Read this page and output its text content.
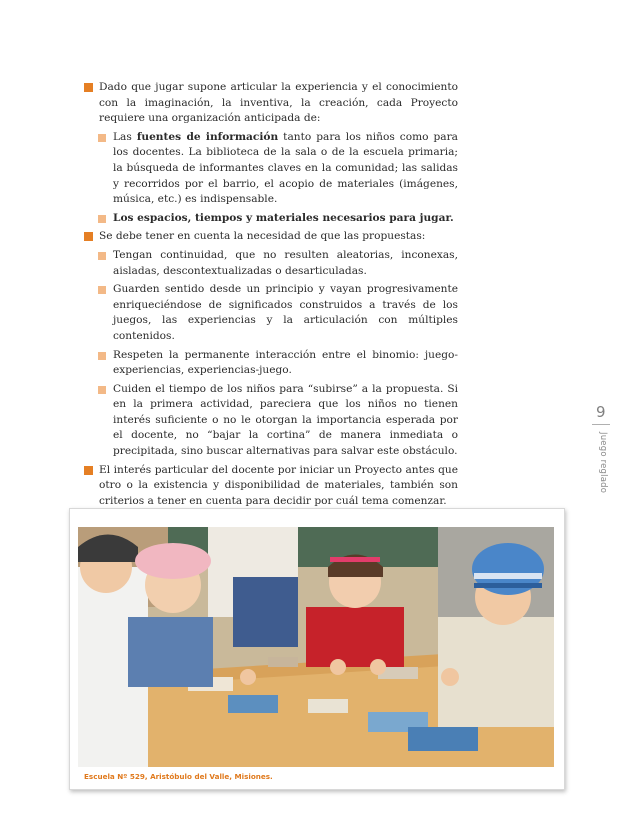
Dado que jugar supone articular la experiencia y el conocimiento con la imaginación, la inventiva, la creación, cada Proyecto requiere una organización anticipada de:
Las fuentes de información tanto para los niños como para los docentes. La biblioteca de la sala o de la escuela primaria; la búsqueda de informantes claves en la comunidad; las salidas y recorridos por el barrio, el acopio de materiales (imágenes, música, etc.) es indispensable.
Los espacios, tiempos y materiales necesarios para jugar.
Se debe tener en cuenta la necesidad de que las propuestas:
Tengan continuidad, que no resulten aleatorias, inconexas, aisladas, descontextualizadas o desarticuladas.
Guarden sentido desde un principio y vayan progresivamente enriqueciéndose de significados construidos a través de los juegos, las experiencias y la articulación con múltiples contenidos.
Respeten la permanente interacción entre el binomio: juego-experiencias, experiencias-juego.
Cuiden el tiempo de los niños para “subirse” a la propuesta. Si en la primera actividad, pareciera que los niños no tienen interés suficiente o no le otorgan la importancia esperada por el docente, no “bajar la cortina” de manera inmediata o precipitada, sino buscar alternativas para salvar este obstáculo.
El interés particular del docente por iniciar un Proyecto antes que otro o la existencia y disponibilidad de materiales, también son criterios a tener en cuenta para decidir por cuál tema comenzar.
9
Juego reglado
Escuela Nº 529, Aristóbulo del Valle, Misiones.
